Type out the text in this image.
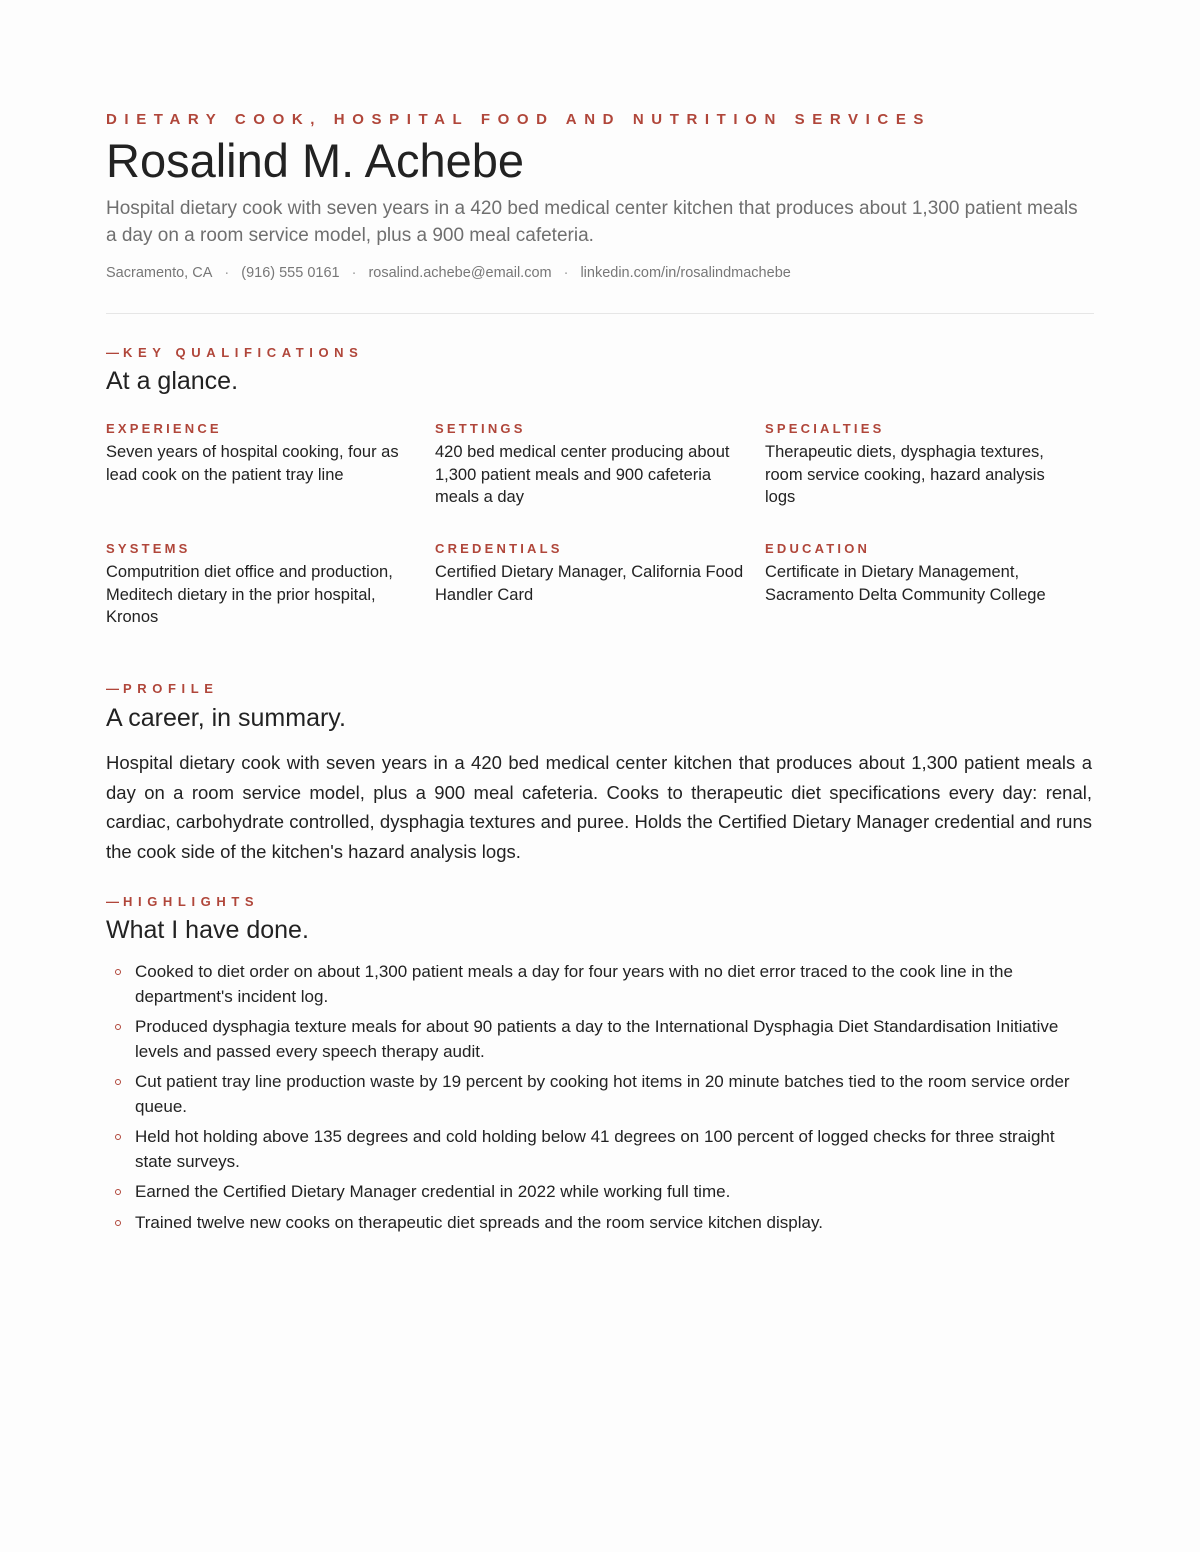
DIETARY COOK, HOSPITAL FOOD AND NUTRITION SERVICES
Rosalind M. Achebe
Hospital dietary cook with seven years in a 420 bed medical center kitchen that produces about 1,300 patient meals a day on a room service model, plus a 900 meal cafeteria.
Sacramento, CA · (916) 555 0161 · rosalind.achebe@email.com · linkedin.com/in/rosalindmachebe
— KEY QUALIFICATIONS
At a glance.
EXPERIENCE
Seven years of hospital cooking, four as lead cook on the patient tray line
SETTINGS
420 bed medical center producing about 1,300 patient meals and 900 cafeteria meals a day
SPECIALTIES
Therapeutic diets, dysphagia textures, room service cooking, hazard analysis logs
SYSTEMS
Computrition diet office and production, Meditech dietary in the prior hospital, Kronos
CREDENTIALS
Certified Dietary Manager, California Food Handler Card
EDUCATION
Certificate in Dietary Management, Sacramento Delta Community College
— PROFILE
A career, in summary.
Hospital dietary cook with seven years in a 420 bed medical center kitchen that produces about 1,300 patient meals a day on a room service model, plus a 900 meal cafeteria. Cooks to therapeutic diet specifications every day: renal, cardiac, carbohydrate controlled, dysphagia textures and puree. Holds the Certified Dietary Manager credential and runs the cook side of the kitchen's hazard analysis logs.
— HIGHLIGHTS
What I have done.
Cooked to diet order on about 1,300 patient meals a day for four years with no diet error traced to the cook line in the department's incident log.
Produced dysphagia texture meals for about 90 patients a day to the International Dysphagia Diet Standardisation Initiative levels and passed every speech therapy audit.
Cut patient tray line production waste by 19 percent by cooking hot items in 20 minute batches tied to the room service order queue.
Held hot holding above 135 degrees and cold holding below 41 degrees on 100 percent of logged checks for three straight state surveys.
Earned the Certified Dietary Manager credential in 2022 while working full time.
Trained twelve new cooks on therapeutic diet spreads and the room service kitchen display.
